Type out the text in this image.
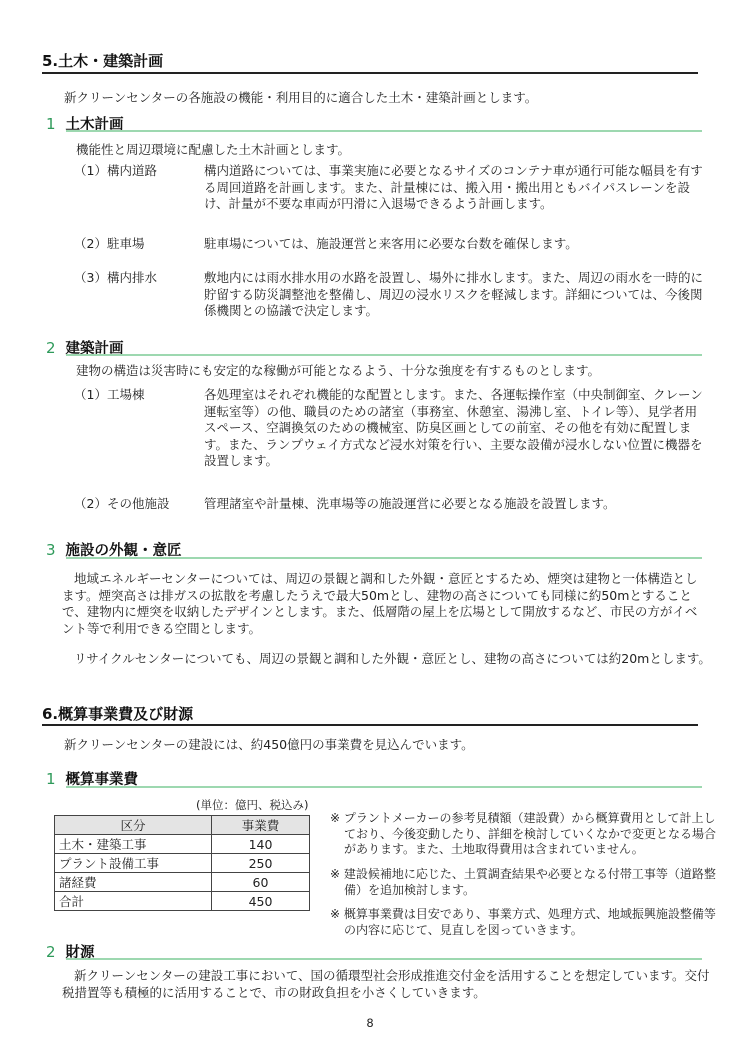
5.土木・建築計画
新クリーンセンターの各施設の機能・利用目的に適合した土木・建築計画とします。
1 土木計画
機能性と周辺環境に配慮した土木計画とします。
（1）構内道路	構内道路については、事業実施に必要となるサイズのコンテナ車が通行可能な幅員を有する周回道路を計画します。また、計量棟には、搬入用・搬出用ともバイパスレーンを設け、計量が不要な車両が円滑に入退場できるよう計画します。
（2）駐車場	駐車場については、施設運営と来客用に必要な台数を確保します。
（3）構内排水	敷地内には雨水排水用の水路を設置し、場外に排水します。また、周辺の雨水を一時的に貯留する防災調整池を整備し、周辺の浸水リスクを軽減します。詳細については、今後関係機関との協議で決定します。
2 建築計画
建物の構造は災害時にも安定的な稼働が可能となるよう、十分な強度を有するものとします。
（1）工場棟	各処理室はそれぞれ機能的な配置とします。また、各運転操作室（中央制御室、クレーン運転室等）の他、職員のための諸室（事務室、休憩室、湯沸し室、トイレ等）、見学者用スペース、空調換気のための機械室、防臭区画としての前室、その他を有効に配置します。また、ランプウェイ方式など浸水対策を行い、主要な設備が浸水しない位置に機器を設置します。
（2）その他施設	管理諸室や計量棟、洗車場等の施設運営に必要となる施設を設置します。
3 施設の外観・意匠
地域エネルギーセンターについては、周辺の景観と調和した外観・意匠とするため、煙突は建物と一体構造とします。煙突高さは排ガスの拡散を考慮したうえで最大50mとし、建物の高さについても同様に約50mとすることで、建物内に煙突を収納したデザインとします。また、低層階の屋上を広場として開放するなど、市民の方がイベント等で利用できる空間とします。
リサイクルセンターについても、周辺の景観と調和した外観・意匠とし、建物の高さについては約20mとします。
6.概算事業費及び財源
新クリーンセンターの建設には、約450億円の事業費を見込んでいます。
1 概算事業費
(単位：億円、税込み)
区分	事業費
土木・建築工事	140
プラント設備工事	250
諸経費	60
合計	450
※ プラントメーカーの参考見積額（建設費）から概算費用として計上しており、今後変動したり、詳細を検討していくなかで変更となる場合があります。また、土地取得費用は含まれていません。
※ 建設候補地に応じた、土質調査結果や必要となる付帯工事等（道路整備）を追加検討します。
※ 概算事業費は目安であり、事業方式、処理方式、地域振興施設整備等の内容に応じて、見直しを図っていきます。
2 財源
新クリーンセンターの建設工事において、国の循環型社会形成推進交付金を活用することを想定しています。交付税措置等も積極的に活用することで、市の財政負担を小さくしていきます。
8
